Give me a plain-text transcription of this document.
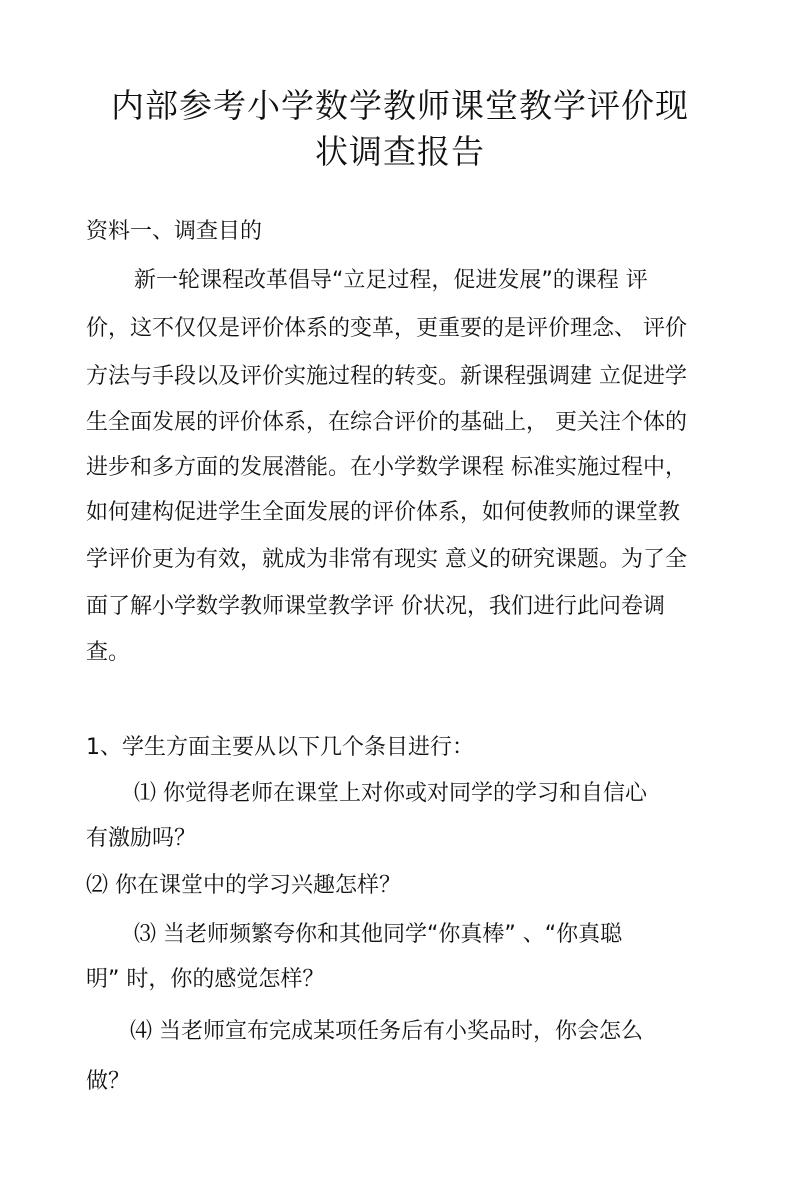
内部参考小学数学教师课堂教学评价现
状调查报告

资料一、调查目的

新一轮课程改革倡导“立足过程，促进发展”的课程 评

价，这不仅仅是评价体系的变革，更重要的是评价理念、 评价

方法与手段以及评价实施过程的转变。新课程强调建 立促进学

生全面发展的评价体系，在综合评价的基础上， 更关注个体的

进步和多方面的发展潜能。在小学数学课程 标准实施过程中，

如何建构促进学生全面发展的评价体系，如何使教师的课堂教

学评价更为有效，就成为非常有现实 意义的研究课题。为了全

面了解小学数学教师课堂教学评 价状况，我们进行此问卷调

查。

1、学生方面主要从以下几个条目进行：

⑴ 你觉得老师在课堂上对你或对同学的学习和自信心

有激励吗？

⑵ 你在课堂中的学习兴趣怎样？

⑶ 当老师频繁夸你和其他同学“你真棒” 、“你真聪

明” 时，你的感觉怎样？

⑷ 当老师宣布完成某项任务后有小奖品时，你会怎么

做？
